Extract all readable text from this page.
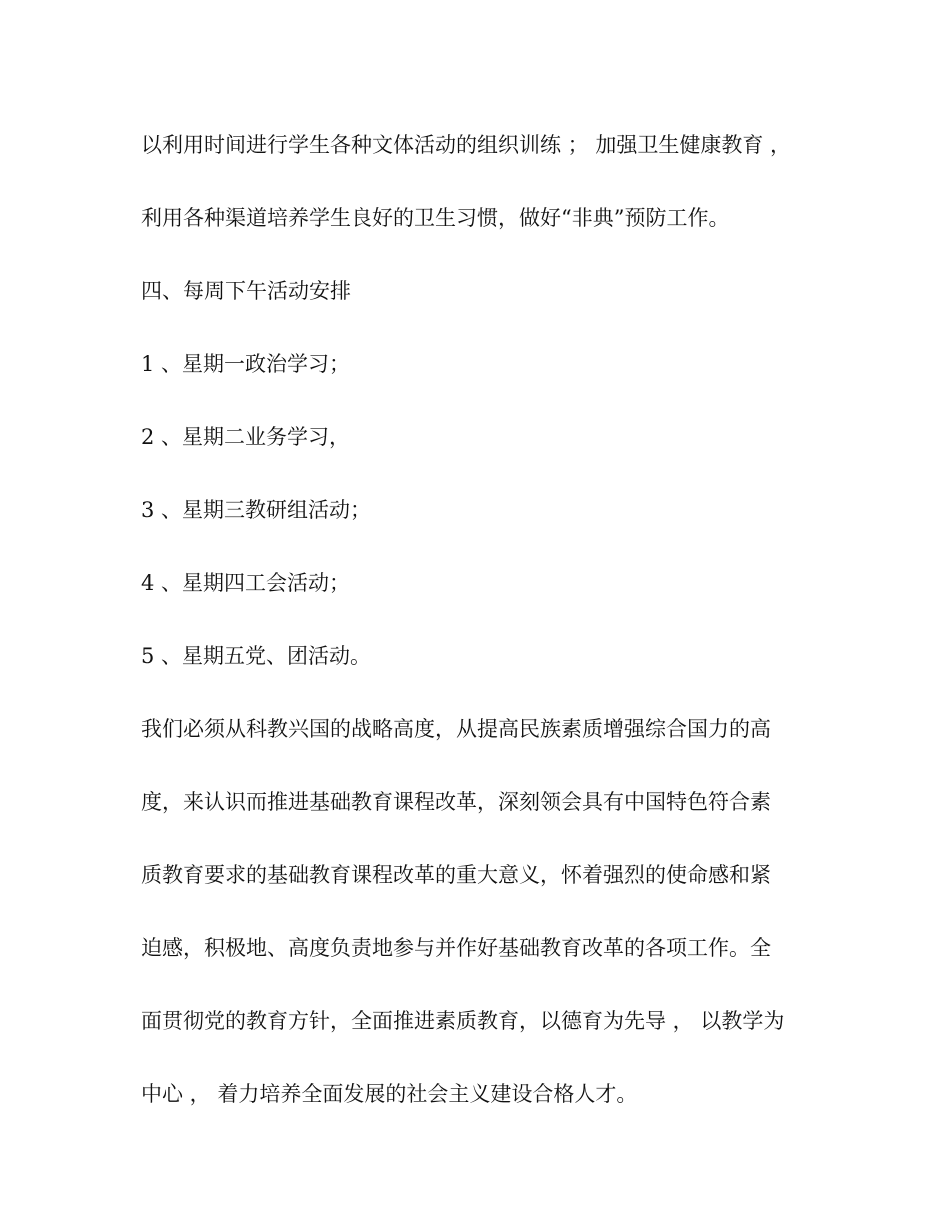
以利用时间进行学生各种文体活动的组织训练 ； 加强卫生健康教育 ，
利用各种渠道培养学生良好的卫生习惯，做好“非典”预防工作。
四、每周下午活动安排
1 、星期一政治学习；
2 、星期二业务学习，
3 、星期三教研组活动；
4 、星期四工会活动；
5 、星期五党、团活动。
我们必须从科教兴国的战略高度，从提高民族素质增强综合国力的高
度，来认识而推进基础教育课程改革，深刻领会具有中国特色符合素
质教育要求的基础教育课程改革的重大意义，怀着强烈的使命感和紧
迫感，积极地、高度负责地参与并作好基础教育改革的各项工作。全
面贯彻党的教育方针，全面推进素质教育，以德育为先导 ， 以教学为
中心 ， 着力培养全面发展的社会主义建设合格人才。
